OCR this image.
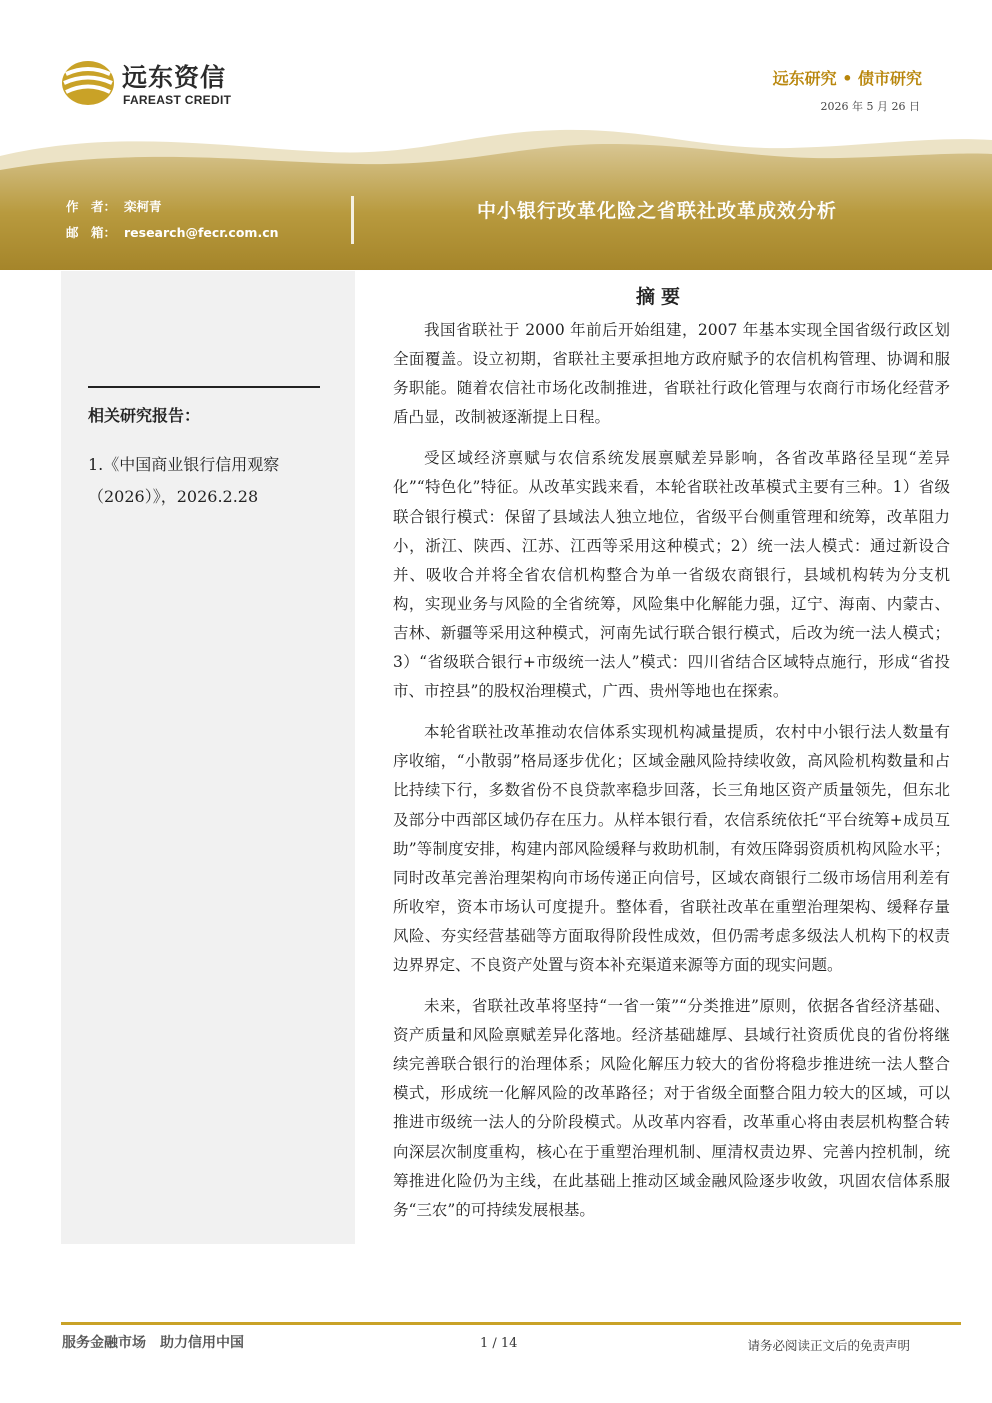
远东资信
FAREAST CREDIT
远东研究 • 债市研究
2026 年 5 月 26 日
作　者： 栾柯青
邮　箱： research@fecr.com.cn
中小银行改革化险之省联社改革成效分析
相关研究报告：
1.《中国商业银行信用观察（2026）》，2026.2.28
摘要

我国省联社于 2000 年前后开始组建，2007 年基本实现全国省级行政区划全面覆盖。设立初期，省联社主要承担地方政府赋予的农信机构管理、协调和服务职能。随着农信社市场化改制推进，省联社行政化管理与农商行市场化经营矛盾凸显，改制被逐渐提上日程。

受区域经济禀赋与农信系统发展禀赋差异影响，各省改革路径呈现“差异化”“特色化”特征。从改革实践来看，本轮省联社改革模式主要有三种。1）省级联合银行模式：保留了县域法人独立地位，省级平台侧重管理和统筹，改革阻力小，浙江、陕西、江苏、江西等采用这种模式；2）统一法人模式：通过新设合并、吸收合并将全省农信机构整合为单一省级农商银行，县域机构转为分支机构，实现业务与风险的全省统筹，风险集中化解能力强，辽宁、海南、内蒙古、吉林、新疆等采用这种模式，河南先试行联合银行模式，后改为统一法人模式；3）“省级联合银行+市级统一法人”模式：四川省结合区域特点施行，形成“省投市、市控县”的股权治理模式，广西、贵州等地也在探索。

本轮省联社改革推动农信体系实现机构减量提质，农村中小银行法人数量有序收缩，“小散弱”格局逐步优化；区域金融风险持续收敛，高风险机构数量和占比持续下行，多数省份不良贷款率稳步回落，长三角地区资产质量领先，但东北及部分中西部区域仍存在压力。从样本银行看，农信系统依托“平台统筹+成员互助”等制度安排，构建内部风险缓释与救助机制，有效压降弱资质机构风险水平；同时改革完善治理架构向市场传递正向信号，区域农商银行二级市场信用利差有所收窄，资本市场认可度提升。整体看，省联社改革在重塑治理架构、缓释存量风险、夯实经营基础等方面取得阶段性成效，但仍需考虑多级法人机构下的权责边界界定、不良资产处置与资本补充渠道来源等方面的现实问题。

未来，省联社改革将坚持“一省一策”“分类推进”原则，依据各省经济基础、资产质量和风险禀赋差异化落地。经济基础雄厚、县域行社资质优良的省份将继续完善联合银行的治理体系；风险化解压力较大的省份将稳步推进统一法人整合模式，形成统一化解风险的改革路径；对于省级全面整合阻力较大的区域，可以推进市级统一法人的分阶段模式。从改革内容看，改革重心将由表层机构整合转向深层次制度重构，核心在于重塑治理机制、厘清权责边界、完善内控机制，统筹推进化险仍为主线，在此基础上推动区域金融风险逐步收敛，巩固农信体系服务“三农”的可持续发展根基。

服务金融市场　助力信用中国	1 / 14	请务必阅读正文后的免责声明
